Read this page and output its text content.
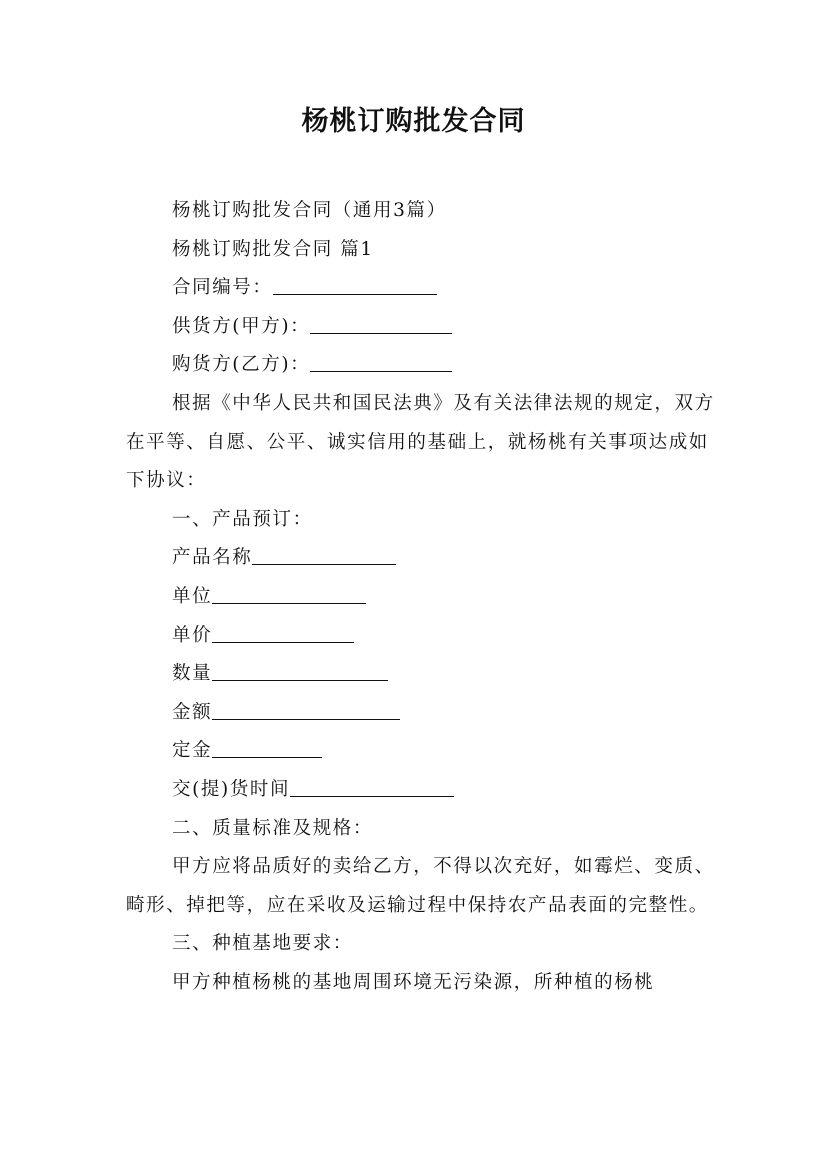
杨桃订购批发合同

杨桃订购批发合同（通用3篇）

杨桃订购批发合同 篇1

合同编号：

供货方(甲方)：

购货方(乙方)：

根据《中华人民共和国民法典》及有关法律法规的规定，双方在平等、自愿、公平、诚实信用的基础上，就杨桃有关事项达成如下协议：

一、产品预订：

产品名称

单位

单价

数量

金额

定金

交(提)货时间

二、质量标准及规格：

甲方应将品质好的卖给乙方，不得以次充好，如霉烂、变质、畸形、掉把等，应在采收及运输过程中保持农产品表面的完整性。

三、种植基地要求：

甲方种植杨桃的基地周围环境无污染源，所种植的杨桃
